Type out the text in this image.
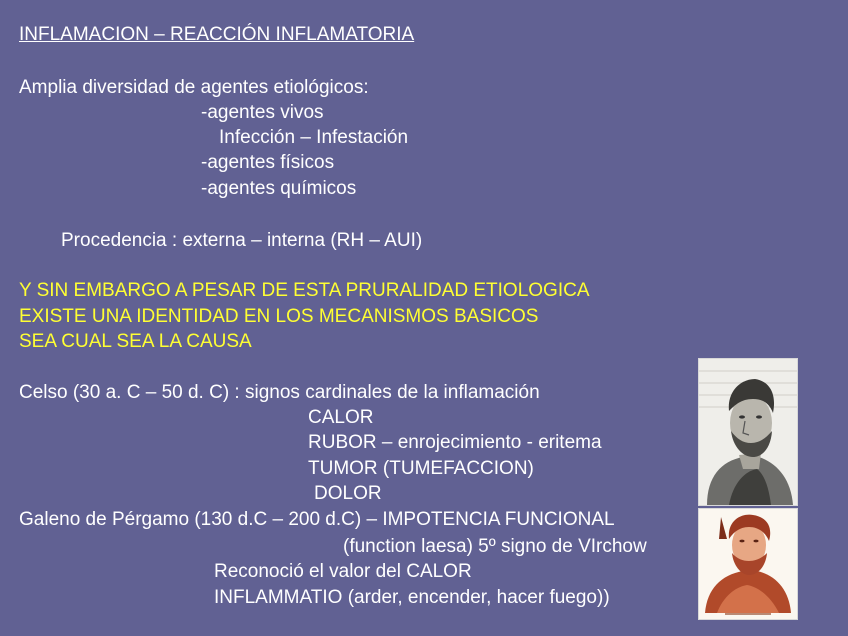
INFLAMACION – REACCIÓN INFLAMATORIA
Amplia diversidad de agentes etiológicos:
-agentes vivos
Infección – Infestación
-agentes físicos
-agentes químicos
Procedencia : externa – interna (RH – AUI)
Y SIN EMBARGO A PESAR DE ESTA PRURALIDAD ETIOLOGICA
EXISTE UNA IDENTIDAD EN LOS MECANISMOS BASICOS
SEA CUAL SEA LA CAUSA
Celso (30 a. C – 50 d. C) : signos cardinales de la inflamación
CALOR
RUBOR – enrojecimiento - eritema
TUMOR (TUMEFACCION)
DOLOR
Galeno de Pérgamo (130 d.C – 200 d.C) – IMPOTENCIA FUNCIONAL
(function laesa) 5º signo de VIrchow
Reconoció el valor del CALOR
INFLAMMATIO (arder, encender, hacer fuego))
